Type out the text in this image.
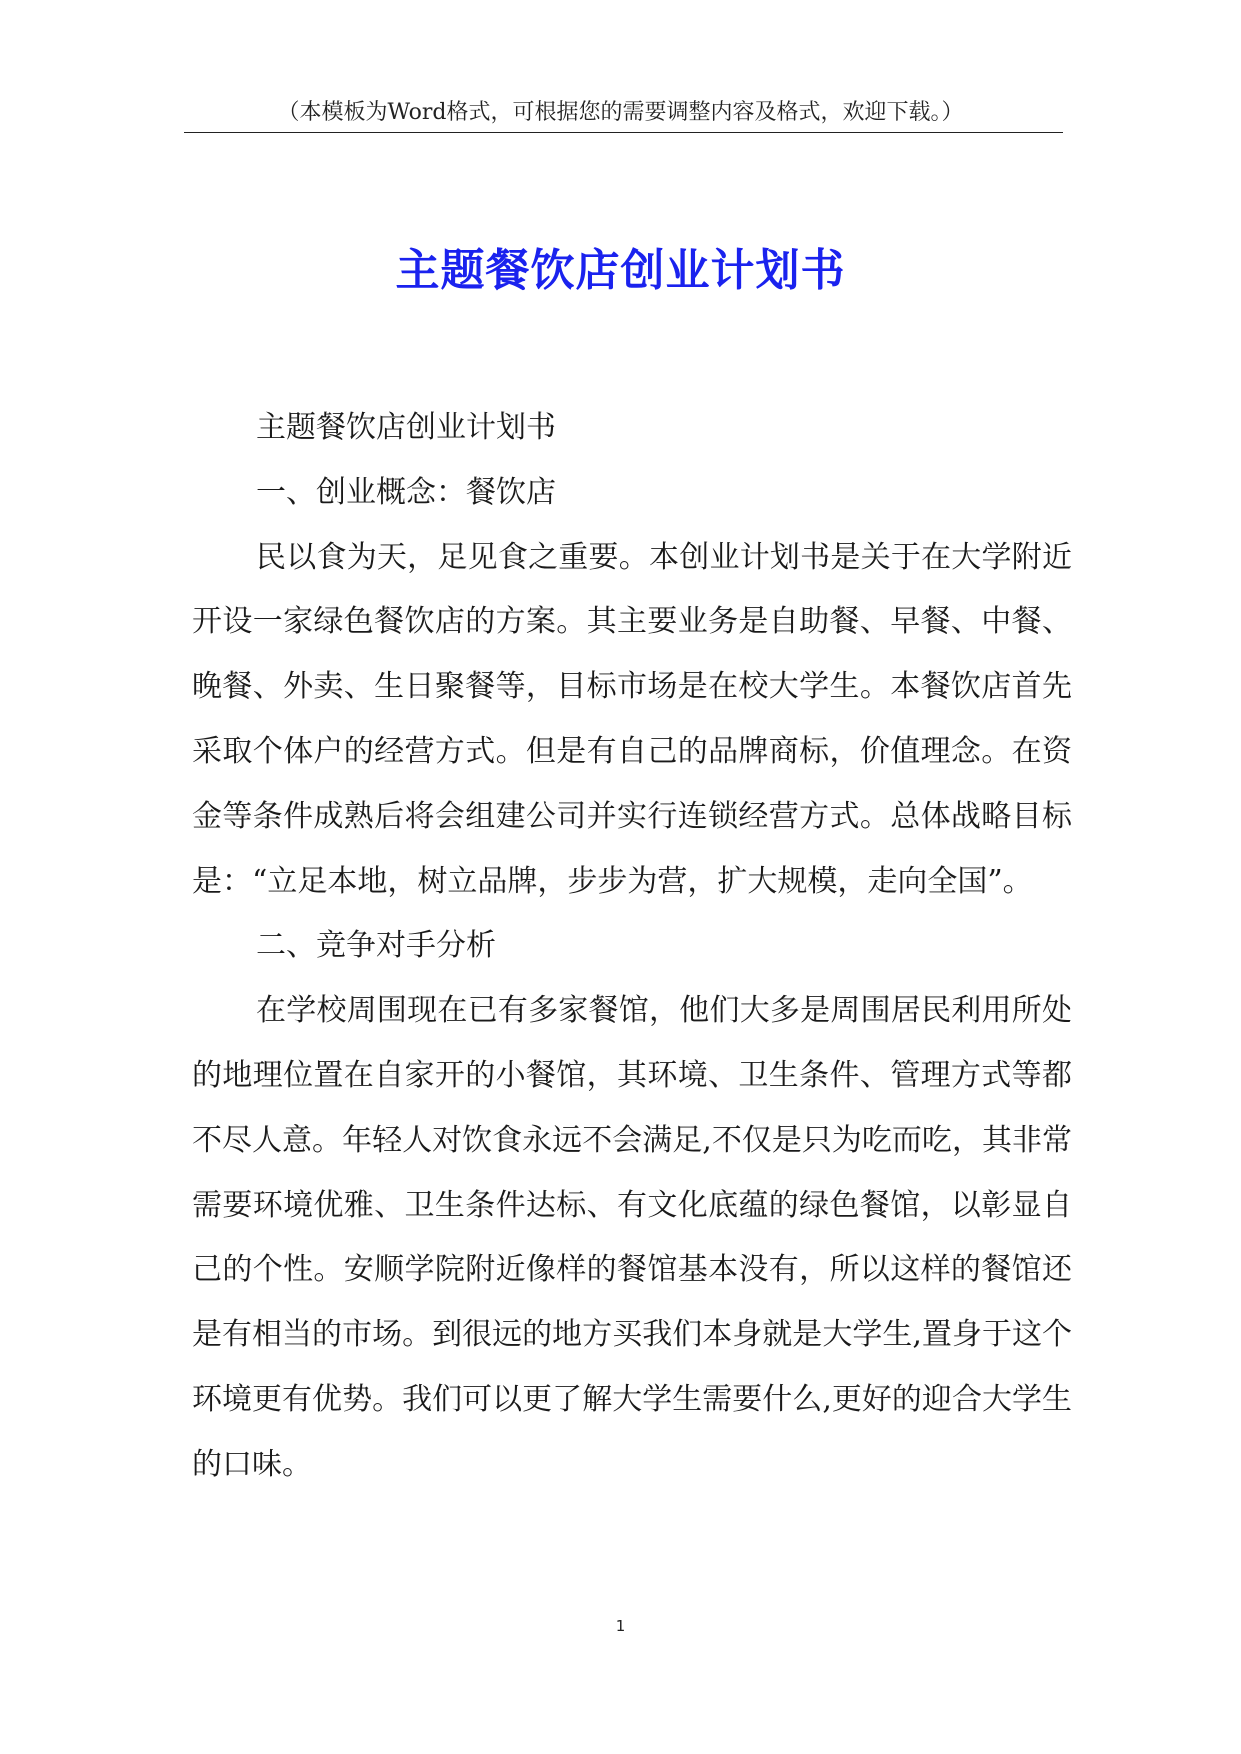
（本模板为Word格式，可根据您的需要调整内容及格式，欢迎下载。）
主题餐饮店创业计划书

主题餐饮店创业计划书

一、创业概念：餐饮店

民以食为天，足见食之重要。本创业计划书是关于在大学附近开设一家绿色餐饮店的方案。其主要业务是自助餐、早餐、中餐、晚餐、外卖、生日聚餐等，目标市场是在校大学生。本餐饮店首先采取个体户的经营方式。但是有自己的品牌商标，价值理念。在资金等条件成熟后将会组建公司并实行连锁经营方式。总体战略目标是：“立足本地，树立品牌，步步为营，扩大规模，走向全国”。

二、竞争对手分析

在学校周围现在已有多家餐馆，他们大多是周围居民利用所处的地理位置在自家开的小餐馆，其环境、卫生条件、管理方式等都不尽人意。年轻人对饮食永远不会满足,不仅是只为吃而吃，其非常需要环境优雅、卫生条件达标、有文化底蕴的绿色餐馆，以彰显自己的个性。安顺学院附近像样的餐馆基本没有，所以这样的餐馆还是有相当的市场。到很远的地方买我们本身就是大学生,置身于这个环境更有优势。我们可以更了解大学生需要什么,更好的迎合大学生的口味。

1
